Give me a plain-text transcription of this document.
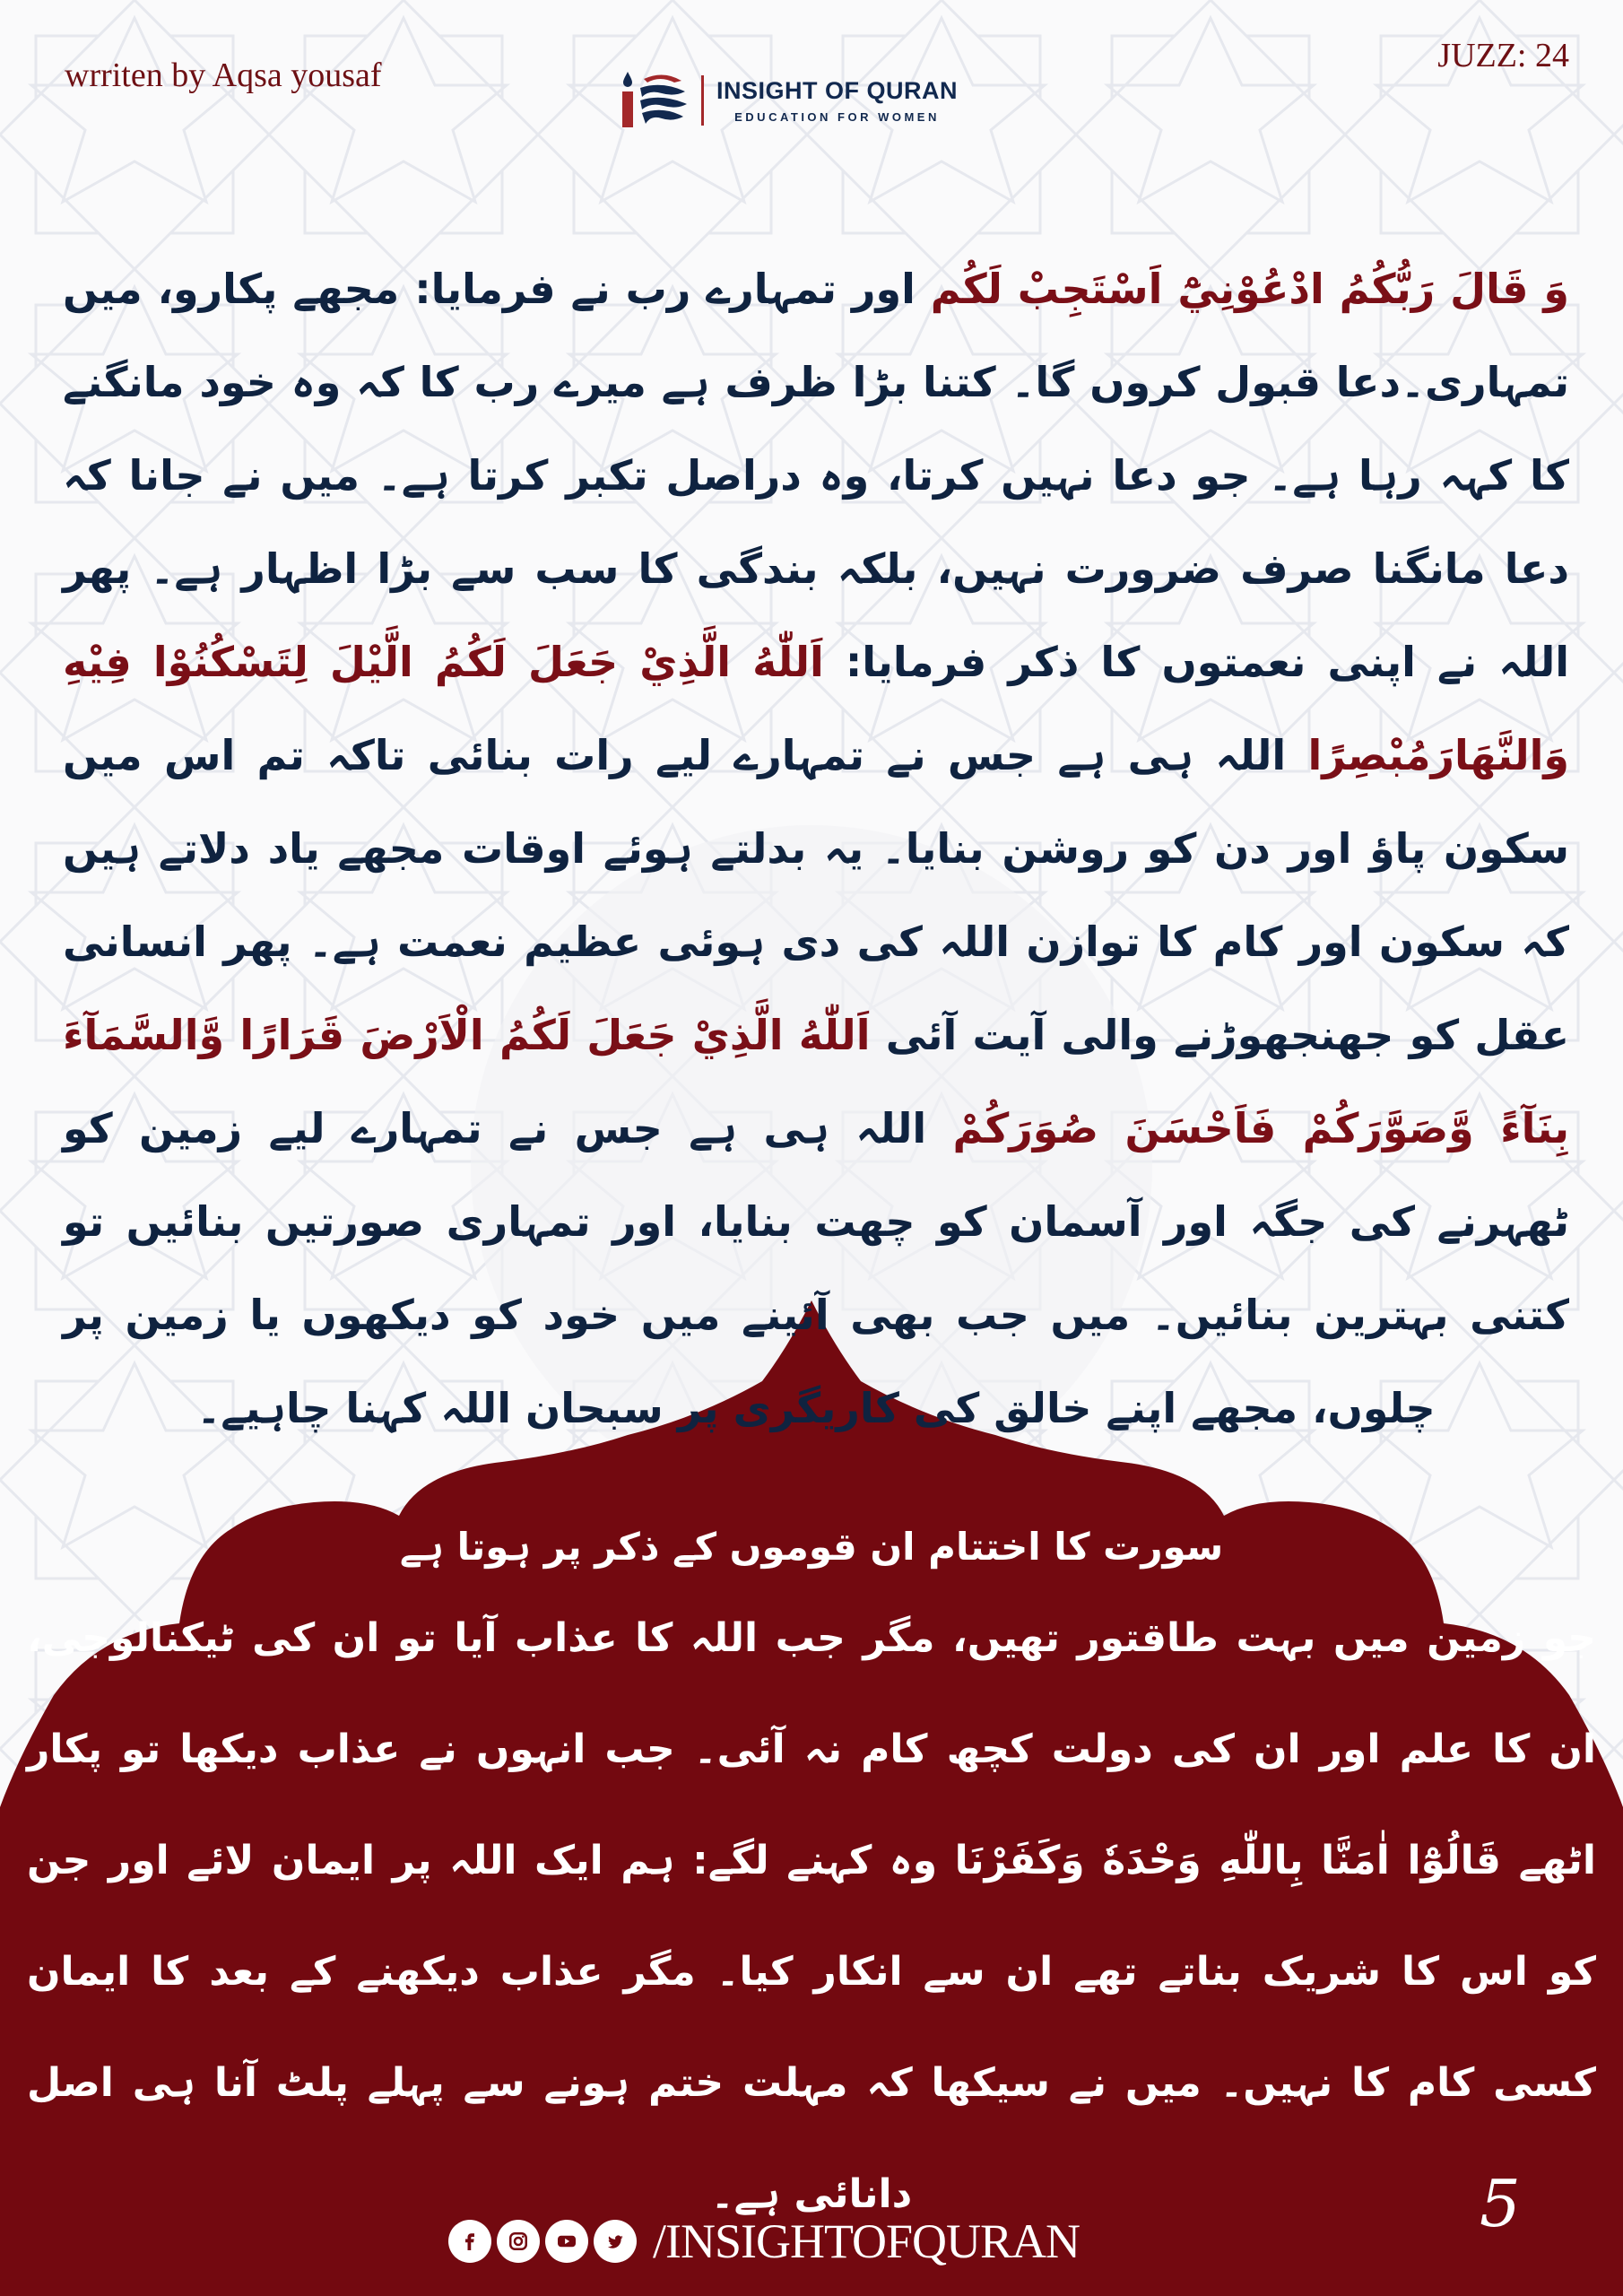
wrriten by Aqsa yousaf	INSIGHT OF QURAN
EDUCATION FOR WOMEN
JUZZ: 24
وَ قَالَ رَبُّكُمُ ادْعُوْنِيْٓ اَسْتَجِبْ لَكُم اور تمہارے رب نے فرمایا: مجھے پکارو، میں تمہاری۔دعا قبول کروں گا۔ کتنا بڑا ظرف ہے میرے رب کا کہ وہ خود مانگنے کا کہہ رہا ہے۔ جو دعا نہیں کرتا، وہ دراصل تکبر کرتا ہے۔ میں نے جانا کہ دعا مانگنا صرف ضرورت نہیں، بلکہ بندگی کا سب سے بڑا اظہار ہے۔ پھر اللہ نے اپنی نعمتوں کا ذکر فرمایا: اَللّٰهُ الَّذِيْ جَعَلَ لَكُمُ الَّيْلَ لِتَسْكُنُوْا فِيْهِ وَالنَّهَارَمُبْصِرًا اللہ ہی ہے جس نے تمہارے لیے رات بنائی تاکہ تم اس میں سکون پاؤ اور دن کو روشن بنایا۔ یہ بدلتے ہوئے اوقات مجھے یاد دلاتے ہیں کہ سکون اور کام کا توازن اللہ کی دی ہوئی عظیم نعمت ہے۔ پھر انسانی عقل کو جھنجھوڑنے والی آیت آئی اَللّٰهُ الَّذِيْ جَعَلَ لَكُمُ الْاَرْضَ قَرَارًا وَّالسَّمَآءَ بِنَآءً وَّصَوَّرَكُمْ فَاَحْسَنَ صُوَرَكُمْ اللہ ہی ہے جس نے تمہارے لیے زمین کو ٹھہرنے کی جگہ اور آسمان کو چھت بنایا، اور تمہاری صورتیں بنائیں تو کتنی بہترین بنائیں۔ میں جب بھی آئینے میں خود کو دیکھوں یا زمین پر چلوں، مجھے اپنے خالق کی کاریگری پر سبحان اللہ کہنا چاہیے۔
سورت کا اختتام ان قوموں کے ذکر پر ہوتا ہے
جو زمین میں بہت طاقتور تھیں، مگر جب اللہ کا عذاب آیا تو ان کی ٹیکنالوجی، ان کا علم اور ان کی دولت کچھ کام نہ آئی۔ جب انہوں نے عذاب دیکھا تو پکار اٹھے قَالُوْٓا اٰمَنَّا بِاللّٰهِ وَحْدَهٗ وَكَفَرْنَا وہ کہنے لگے: ہم ایک اللہ پر ایمان لائے اور جن کو اس کا شریک بناتے تھے ان سے انکار کیا۔ مگر عذاب دیکھنے کے بعد کا ایمان کسی کام کا نہیں۔ میں نے سیکھا کہ مہلت ختم ہونے سے پہلے پلٹ آنا ہی اصل دانائی ہے۔
/INSIGHTOFQURAN	5
